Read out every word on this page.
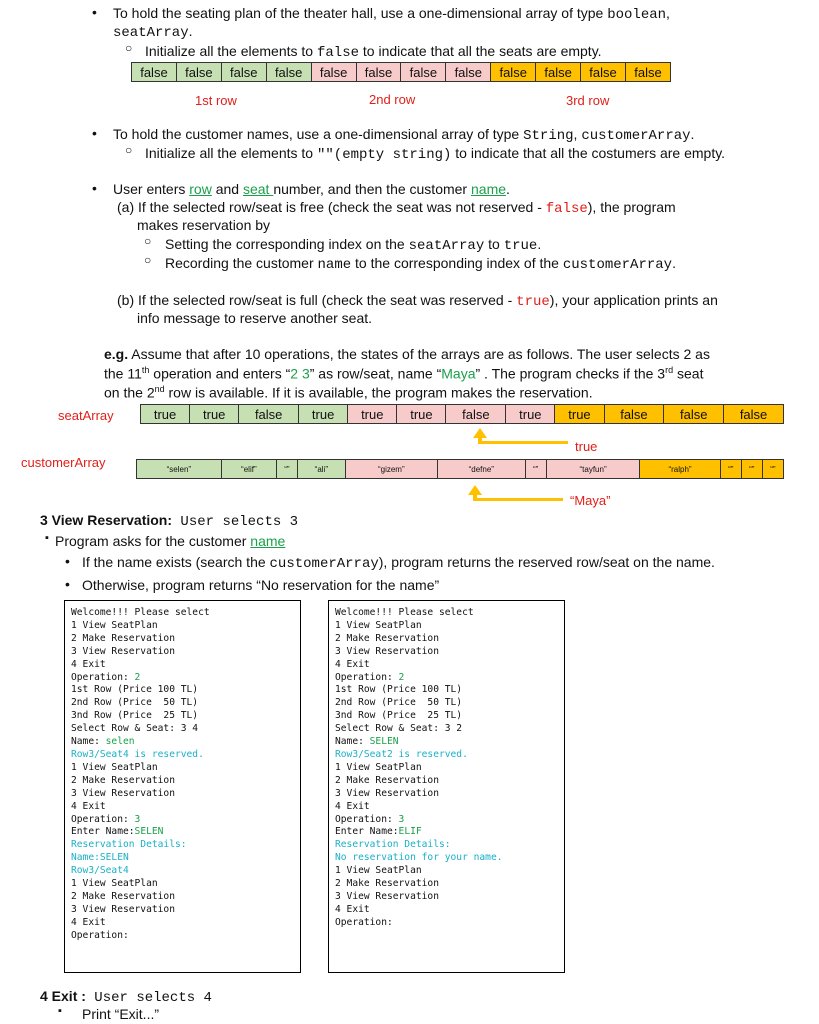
• To hold the seating plan of the theater hall, use a one-dimensional array of type boolean,
seatArray.
○ Initialize all the elements to false to indicate that all the seats are empty.
false	false	false	false	false	false	false	false	false	false	false	false
1st row	2nd row	3rd row
• To hold the customer names, use a one-dimensional array of type String, customerArray.
○ Initialize all the elements to ""(empty string) to indicate that all the costumers are empty.
• User enters row and seat number, and then the customer name.
(a) If the selected row/seat is free (check the seat was not reserved - false), the program
makes reservation by
○ Setting the corresponding index on the seatArray to true.
○ Recording the customer name to the corresponding index of the customerArray.
(b) If the selected row/seat is full (check the seat was reserved - true), your application prints an
info message to reserve another seat.
e.g. Assume that after 10 operations, the states of the arrays are as follows. The user selects 2 as
the 11th operation and enters “2 3” as row/seat, name “Maya” . The program checks if the 3rd seat
on the 2nd row is available. If it is available, the program makes the reservation.
seatArray	true	true	false	true	true	true	false	true	true	false	false	false
true
customerArray	“selen”	“elif”	“”	“ali”	“gizem”	“defne”	“”	“tayfun”	“ralph”	“”	“”	“”
“Maya”
3 View Reservation: User selects 3
▪ Program asks for the customer name
• If the name exists (search the customerArray), program returns the reserved row/seat on the name.
• Otherwise, program returns “No reservation for the name”
Welcome!!! Please select
1 View SeatPlan
2 Make Reservation
3 View Reservation
4 Exit
Operation: 2
1st Row (Price 100 TL)
2nd Row (Price  50 TL)
3nd Row (Price  25 TL)
Select Row & Seat: 3 4
Name: selen
Row3/Seat4 is reserved.
1 View SeatPlan
2 Make Reservation
3 View Reservation
4 Exit
Operation: 3
Enter Name:SELEN
Reservation Details:
Name:SELEN
Row3/Seat4
1 View SeatPlan
2 Make Reservation
3 View Reservation
4 Exit
Operation:
Welcome!!! Please select
1 View SeatPlan
2 Make Reservation
3 View Reservation
4 Exit
Operation: 2
1st Row (Price 100 TL)
2nd Row (Price  50 TL)
3nd Row (Price  25 TL)
Select Row & Seat: 3 2
Name: SELEN
Row3/Seat2 is reserved.
1 View SeatPlan
2 Make Reservation
3 View Reservation
4 Exit
Operation: 3
Enter Name:ELIF
Reservation Details:
No reservation for your name.
1 View SeatPlan
2 Make Reservation
3 View Reservation
4 Exit
Operation:
4 Exit : User selects 4
▪ Print “Exit...”
